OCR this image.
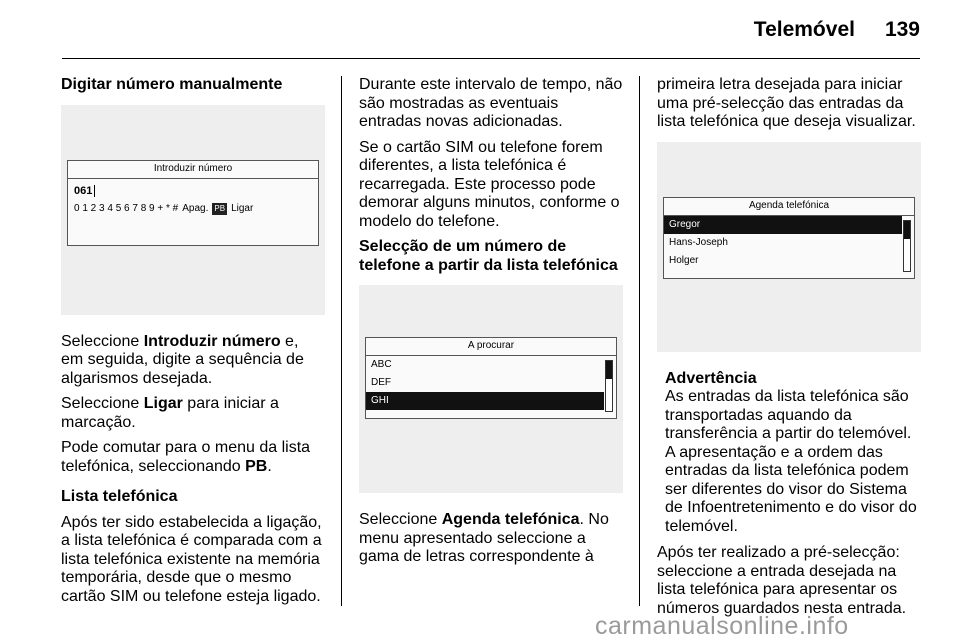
Telemóvel 139

Digitar número manualmente

Introduzir número
061
0 1 2 3 4 5 6 7 8 9 + * # Apag. PB Ligar

Seleccione Introduzir número e, em seguida, digite a sequência de algarismos desejada.

Seleccione Ligar para iniciar a marcação.

Pode comutar para o menu da lista telefónica, seleccionando PB.

Lista telefónica

Após ter sido estabelecida a ligação, a lista telefónica é comparada com a lista telefónica existente na memória temporária, desde que o mesmo cartão SIM ou telefone esteja ligado.

Durante este intervalo de tempo, não são mostradas as eventuais entradas novas adicionadas.

Se o cartão SIM ou telefone forem diferentes, a lista telefónica é recarregada. Este processo pode demorar alguns minutos, conforme o modelo do telefone.

Selecção de um número de telefone a partir da lista telefónica

A procurar
ABC
DEF
GHI

Seleccione Agenda telefónica. No menu apresentado seleccione a gama de letras correspondente à

primeira letra desejada para iniciar uma pré-selecção das entradas da lista telefónica que deseja visualizar.

Agenda telefónica
Gregor
Hans-Joseph
Holger
Advertência
As entradas da lista telefónica são transportadas aquando da transferência a partir do telemóvel. A apresentação e a ordem das entradas da lista telefónica podem ser diferentes do visor do Sistema de Infoentretenimento e do visor do telemóvel.

Após ter realizado a pré-selecção: seleccione a entrada desejada na lista telefónica para apresentar os números guardados nesta entrada.

carmanualsonline.info
